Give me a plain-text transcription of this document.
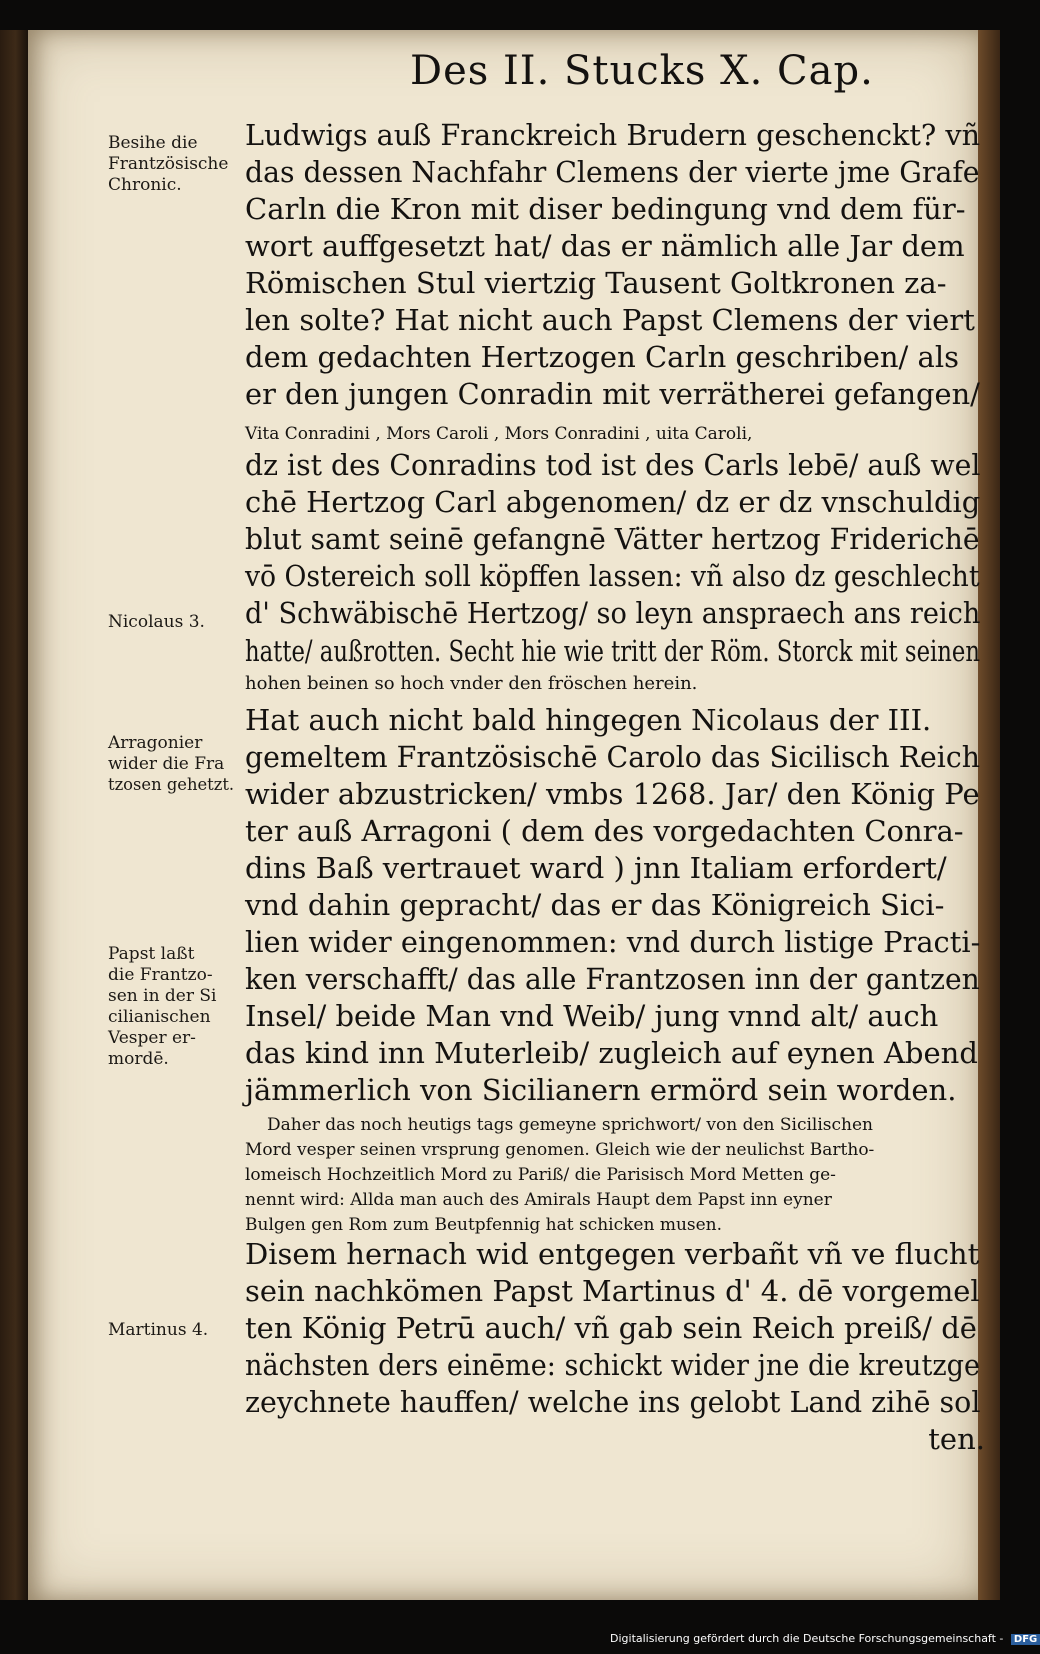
Des II. Stucks X. Cap.
Ludwigs auß Franckreich Brudern geschenckt? vñ
das dessen Nachfahr Clemens der vierte jme Grafe
Carln die Kron mit diser bedingung vnd dem für-
wort auffgesetzt hat/ das er nämlich alle Jar dem
Römischen Stul viertzig Tausent Goltkronen za-
len solte? Hat nicht auch Papst Clemens der viert
dem gedachten Hertzogen Carln geschriben/ als
er den jungen Conradin mit verrätherei gefangen/
Vita Conradini , Mors Caroli , Mors Conradini , uita Caroli,
dz ist des Conradins tod ist des Carls lebē/ auß wel
chē Hertzog Carl abgenomen/ dz er dz vnschuldig
blut samt seinē gefangnē Vätter hertzog Friderichē
vō Ostereich soll köpffen lassen: vñ also dz geschlecht
d' Schwäbischē Hertzog/ so leyn anspraech ans reich
hatte/ außrotten. Secht hie wie tritt der Röm. Storck mit seinen
hohen beinen so hoch vnder den fröschen herein.
Hat auch nicht bald hingegen Nicolaus der III.
gemeltem Frantzösischē Carolo das Sicilisch Reich
wider abzustricken/ vmbs 1268. Jar/ den König Pe
ter auß Arragoni ( dem des vorgedachten Conra-
dins Baß vertrauet ward ) jnn Italiam erfordert/
vnd dahin gepracht/ das er das Königreich Sici-
lien wider eingenommen: vnd durch listige Practi-
ken verschafft/ das alle Frantzosen inn der gantzen
Insel/ beide Man vnd Weib/ jung vnnd alt/ auch
das kind inn Muterleib/ zugleich auf eynen Abend
jämmerlich von Sicilianern ermörd sein worden.
Daher das noch heutigs tags gemeyne sprichwort/ von den Sicilischen
Mord vesper seinen vrsprung genomen. Gleich wie der neulichst Bartho-
lomeisch Hochzeitlich Mord zu Pariß/ die Parisisch Mord Metten ge-
nennt wird: Allda man auch des Amirals Haupt dem Papst inn eyner
Bulgen gen Rom zum Beutpfennig hat schicken musen.
Disem hernach wid entgegen verbañt vñ ve flucht
sein nachkömen Papst Martinus d' 4. dē vorgemel
ten König Petrū auch/ vñ gab sein Reich preiß/ dē
nächsten ders einēme: schickt wider jne die kreutzge
zeychnete hauffen/ welche ins gelobt Land zihē sol
ten.
Besihe die
Frantzösische
Chronic.
Nicolaus 3.
Arragonier
wider die Fra
tzosen gehetzt.
Papst laßt
die Frantzo-
sen in der Si
cilianischen
Vesper er-
mordē.
Martinus 4.
Digitalisierung gefördert durch die Deutsche Forschungsgemeinschaft - DFG
